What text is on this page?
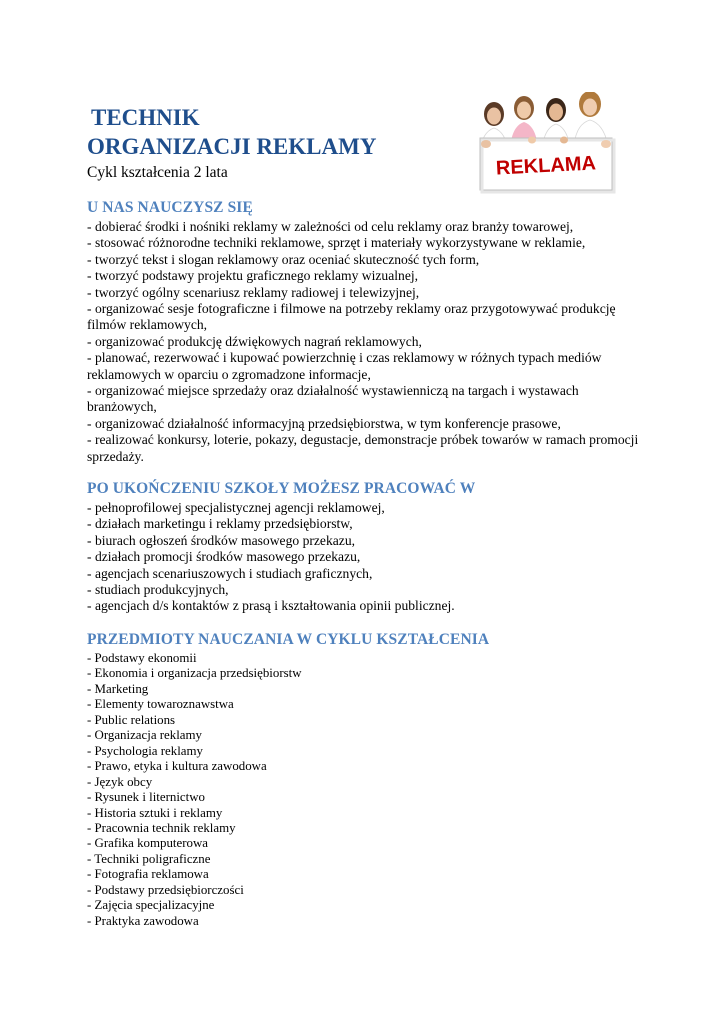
TECHNIK
ORGANIZACJI REKLAMY

Cykl kształcenia 2 lata	REKLAMA
U NAS NAUCZYSZ SIĘ
- dobierać środki i nośniki reklamy w zależności od celu reklamy oraz branży towarowej,
- stosować różnorodne techniki reklamowe, sprzęt i materiały wykorzystywane w reklamie,
- tworzyć tekst i slogan reklamowy oraz oceniać skuteczność tych form,
- tworzyć podstawy projektu graficznego reklamy wizualnej,
- tworzyć ogólny scenariusz reklamy radiowej i telewizyjnej,
- organizować sesje fotograficzne i filmowe na potrzeby reklamy oraz przygotowywać produkcję filmów reklamowych,
- organizować produkcję dźwiękowych nagrań reklamowych,
- planować, rezerwować i kupować powierzchnię i czas reklamowy w różnych typach mediów reklamowych w oparciu o zgromadzone informacje,
- organizować miejsce sprzedaży oraz działalność wystawienniczą na targach i wystawach branżowych,
- organizować działalność informacyjną przedsiębiorstwa, w tym konferencje prasowe,
- realizować konkursy, loterie, pokazy, degustacje, demonstracje próbek towarów w ramach promocji sprzedaży.
PO UKOŃCZENIU SZKOŁY MOŻESZ PRACOWAĆ W
- pełnoprofilowej specjalistycznej agencji reklamowej,
- działach marketingu i reklamy przedsiębiorstw,
- biurach ogłoszeń środków masowego przekazu,
- działach promocji środków masowego przekazu,
- agencjach scenariuszowych i studiach graficznych,
- studiach produkcyjnych,
- agencjach d/s kontaktów z prasą i kształtowania opinii publicznej.
PRZEDMIOTY NAUCZANIA W CYKLU KSZTAŁCENIA
- Podstawy ekonomii
- Ekonomia i organizacja przedsiębiorstw
- Marketing
- Elementy towaroznawstwa
- Public relations
- Organizacja reklamy
- Psychologia reklamy
- Prawo, etyka i kultura zawodowa
- Język obcy
- Rysunek i liternictwo
- Historia sztuki i reklamy
- Pracownia technik reklamy
- Grafika komputerowa
- Techniki poligraficzne
- Fotografia reklamowa
- Podstawy przedsiębiorczości
- Zajęcia specjalizacyjne
- Praktyka zawodowa
